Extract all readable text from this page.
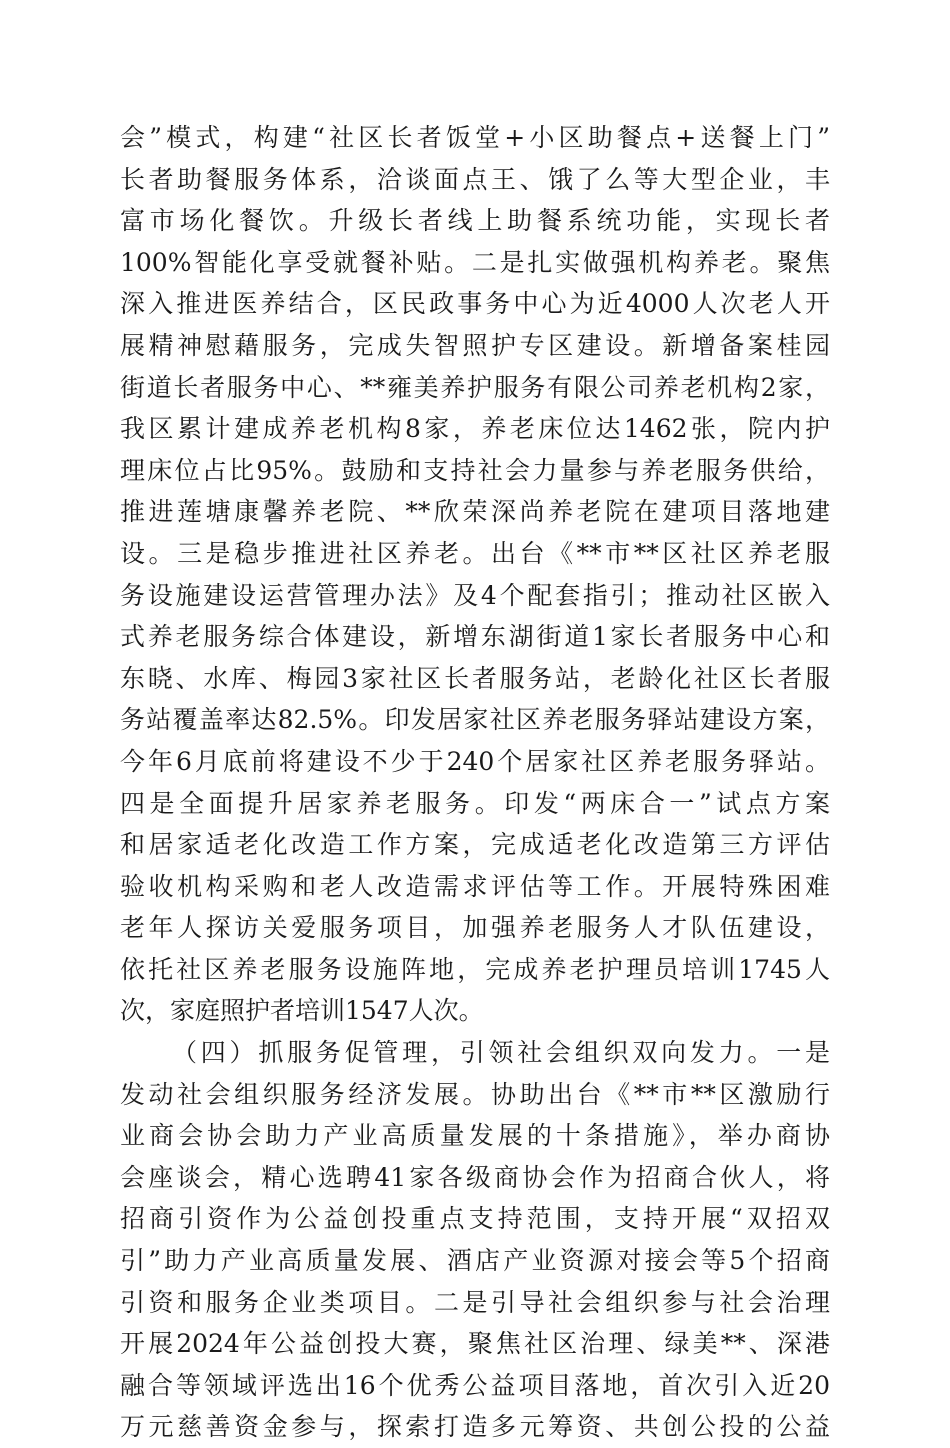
会”模式，构建“社区长者饭堂+小区助餐点+送餐上门”
长者助餐服务体系，洽谈面点王、饿了么等大型企业，丰
富市场化餐饮。升级长者线上助餐系统功能，实现长者
100%智能化享受就餐补贴。二是扎实做强机构养老。聚焦
深入推进医养结合，区民政事务中心为近4000人次老人开
展精神慰藉服务，完成失智照护专区建设。新增备案桂园
街道长者服务中心、**雍美养护服务有限公司养老机构2家，
我区累计建成养老机构8家，养老床位达1462张，院内护
理床位占比95%。鼓励和支持社会力量参与养老服务供给，
推进莲塘康馨养老院、**欣荣深尚养老院在建项目落地建
设。三是稳步推进社区养老。出台《**市**区社区养老服
务设施建设运营管理办法》及4个配套指引；推动社区嵌入
式养老服务综合体建设，新增东湖街道1家长者服务中心和
东晓、水库、梅园3家社区长者服务站，老龄化社区长者服
务站覆盖率达82.5%。印发居家社区养老服务驿站建设方案，
今年6月底前将建设不少于240个居家社区养老服务驿站。
四是全面提升居家养老服务。印发“两床合一”试点方案
和居家适老化改造工作方案，完成适老化改造第三方评估
验收机构采购和老人改造需求评估等工作。开展特殊困难
老年人探访关爱服务项目，加强养老服务人才队伍建设，
依托社区养老服务设施阵地，完成养老护理员培训1745人
次，家庭照护者培训1547人次。
（四）抓服务促管理，引领社会组织双向发力。一是
发动社会组织服务经济发展。协助出台《**市**区激励行
业商会协会助力产业高质量发展的十条措施》，举办商协
会座谈会，精心选聘41家各级商协会作为招商合伙人，将
招商引资作为公益创投重点支持范围，支持开展“双招双
引”助力产业高质量发展、酒店产业资源对接会等5个招商
引资和服务企业类项目。二是引导社会组织参与社会治理
开展2024年公益创投大赛，聚焦社区治理、绿美**、深港
融合等领域评选出16个优秀公益项目落地，首次引入近20
万元慈善资金参与，探索打造多元筹资、共创公投的公益
